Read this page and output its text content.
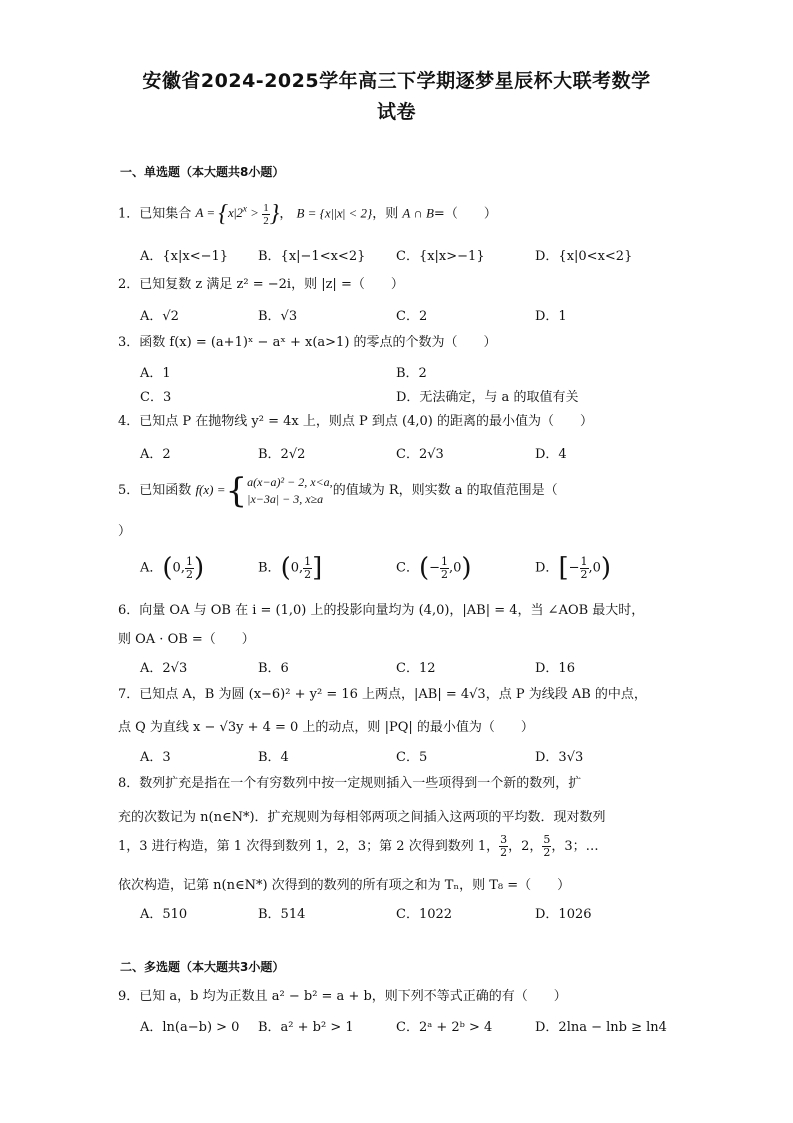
安徽省2024-2025学年高三下学期逐梦星辰杯大联考数学
试卷
一、单选题（本大题共8小题）
1．已知集合 $A = \{x|2^x > \frac{1}{2}$ }， B = {x||x| < 2}，则 A ∩ B=（　　）
A．{x|x<−1} B．{x|−1<x<2} C．{x|x>−1}	D．{x|0<x<2}
2．已知复数 z 满足 z² = −2i，则 |z| =（　　）
A．√2	B．√3	C．2	D．1
3．函数 f(x) = (a+1)ˣ − aˣ + x(a>1) 的零点的个数为（　　）
A．1	B．2
C．3	D．无法确定，与 a 的取值有关
4．已知点 P 在抛物线 y² = 4x 上，则点 P 到点 (4,0) 的距离的最小值为（　　）
A．2	B．2√2	C．2√3	D．4
5．已知函数 f(x) ={ a(x−a)² − 2, x<a,
|x−3a| − 3, x≥a
的值域为 R，则实数 a 的取值范围是（
）
A．(0, $\frac{1}{2}$ )	B．(0, $\frac{1}{2}$ ]	C．(− $\frac{1}{2} ,0$)	D．[− $\frac{1}{2} ,0$)
6．向量 OA 与 OB 在 i = (1,0) 上的投影向量均为 (4,0)，|AB| = 4，当 ∠AOB 最大时，
则 OA · OB =（　　）
A．2√3	B．6	C．12	D．16
7．已知点 A，B 为圆 (x−6)² + y² = 16 上两点，|AB| = 4√3，点 P 为线段 AB 的中点，
点 Q 为直线 x − √3y + 4 = 0 上的动点，则 |PQ| 的最小值为（　　）
A．3	B．4	C．5	D．3√3
8．数列扩充是指在一个有穷数列中按一定规则插入一些项得到一个新的数列，扩
充的次数记为 n(n∈N*)．扩充规则为每相邻两项之间插入这两项的平均数．现对数列
1，3 进行构造，第 1 次得到数列 1，2，3；第 2 次得到数列 1， $\frac{3}{2}$ ，2， $\frac{5}{2}$ ，3；…
依次构造，记第 n(n∈N*) 次得到的数列的所有项之和为 Tₙ，则 T₈ =（　　）
A．510	B．514	C．1022	D．1026
二、多选题（本大题共3小题）
9．已知 a，b 均为正数且 a² − b² = a + b，则下列不等式正确的有（　　）
A．ln(a−b) > 0 B．a² + b² > 1	C．2ᵃ + 2ᵇ > 4	D．2lna − lnb ≥ ln4
